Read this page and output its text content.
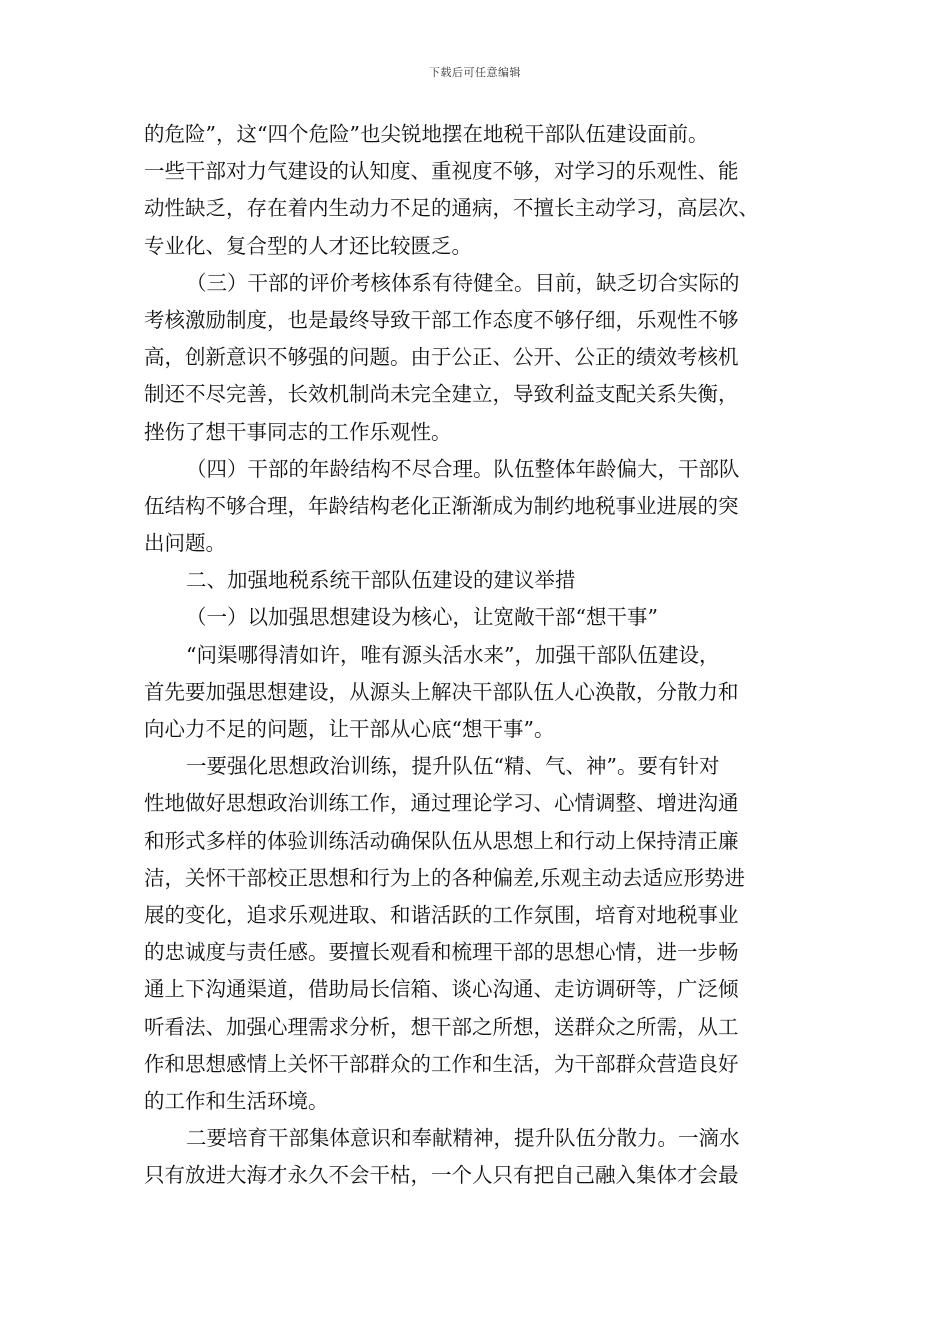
下载后可任意编辑
的危险”，这“四个危险”也尖锐地摆在地税干部队伍建设面前。
一些干部对力气建设的认知度、重视度不够，对学习的乐观性、能
动性缺乏，存在着内生动力不足的通病，不擅长主动学习，高层次、
专业化、复合型的人才还比较匮乏。
（三）干部的评价考核体系有待健全。目前，缺乏切合实际的
考核激励制度，也是最终导致干部工作态度不够仔细，乐观性不够
高，创新意识不够强的问题。由于公正、公开、公正的绩效考核机
制还不尽完善，长效机制尚未完全建立，导致利益支配关系失衡，
挫伤了想干事同志的工作乐观性。
（四）干部的年龄结构不尽合理。队伍整体年龄偏大，干部队
伍结构不够合理，年龄结构老化正渐渐成为制约地税事业进展的突
出问题。
二、加强地税系统干部队伍建设的建议举措
（一）以加强思想建设为核心，让宽敞干部“想干事”
“问渠哪得清如许，唯有源头活水来”，加强干部队伍建设，
首先要加强思想建设，从源头上解决干部队伍人心涣散，分散力和
向心力不足的问题，让干部从心底“想干事”。
一要强化思想政治训练，提升队伍“精、气、神”。要有针对
性地做好思想政治训练工作，通过理论学习、心情调整、增进沟通
和形式多样的体验训练活动确保队伍从思想上和行动上保持清正廉
洁，关怀干部校正思想和行为上的各种偏差,乐观主动去适应形势进
展的变化，追求乐观进取、和谐活跃的工作氛围，培育对地税事业
的忠诚度与责任感。要擅长观看和梳理干部的思想心情，进一步畅
通上下沟通渠道，借助局长信箱、谈心沟通、走访调研等，广泛倾
听看法、加强心理需求分析，想干部之所想，送群众之所需，从工
作和思想感情上关怀干部群众的工作和生活，为干部群众营造良好
的工作和生活环境。
二要培育干部集体意识和奉献精神，提升队伍分散力。一滴水
只有放进大海才永久不会干枯，一个人只有把自己融入集体才会最
